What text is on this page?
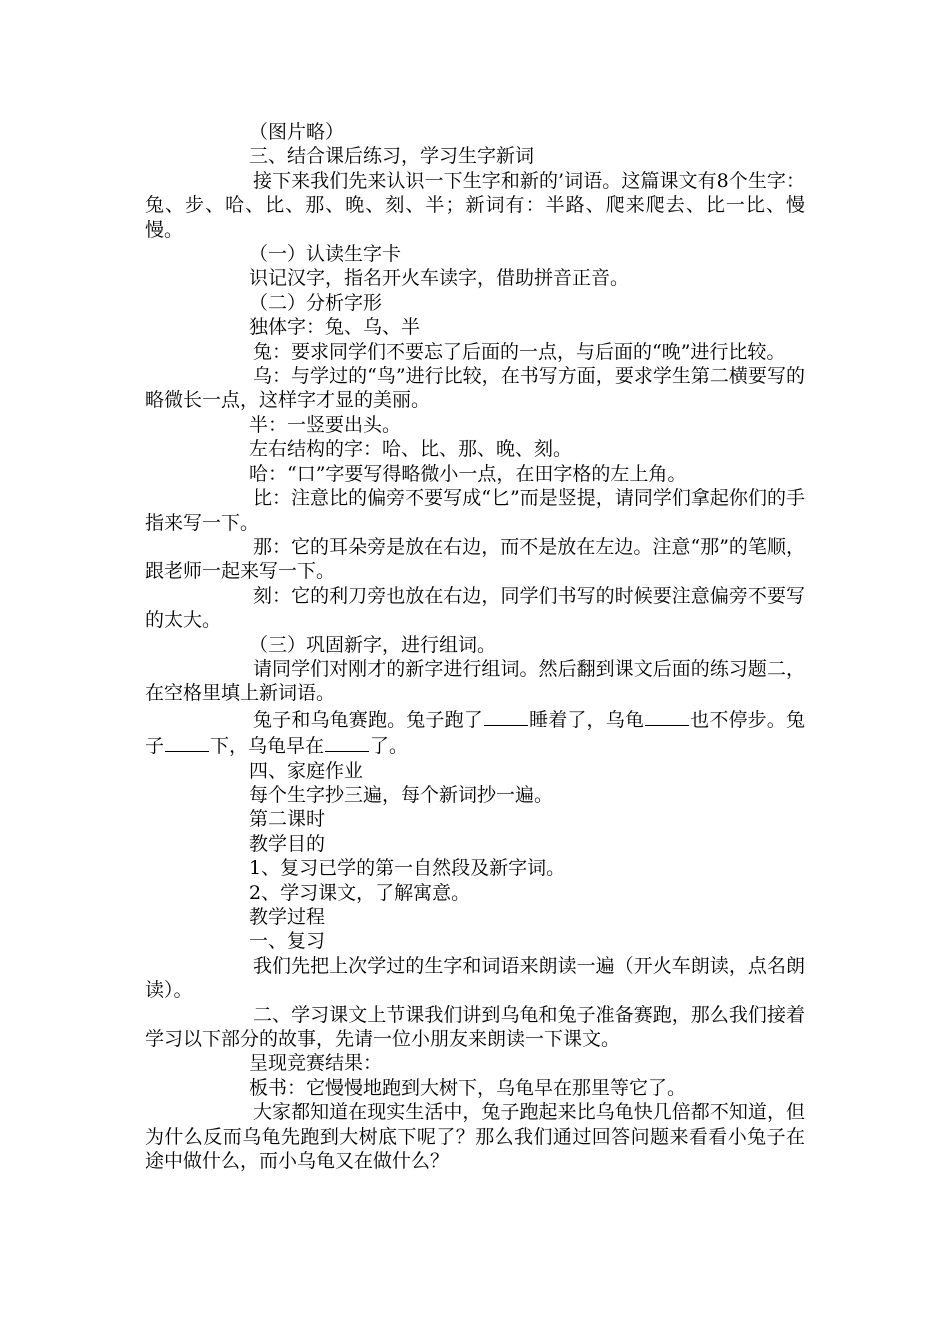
（图片略）

三、结合课后练习，学习生字新词

接下来我们先来认识一下生字和新的’词语。这篇课文有8个生字：兔、步、哈、比、那、晚、刻、半；新词有：半路、爬来爬去、比一比、慢慢。

（一）认读生字卡

识记汉字，指名开火车读字，借助拼音正音。

（二）分析字形

独体字：兔、乌、半

兔：要求同学们不要忘了后面的一点，与后面的“晚”进行比较。

乌：与学过的“鸟”进行比较，在书写方面，要求学生第二横要写的略微长一点，这样字才显的美丽。

半：一竖要出头。

左右结构的字：哈、比、那、晚、刻。

哈：“口”字要写得略微小一点，在田字格的左上角。

比：注意比的偏旁不要写成“匕”而是竖提，请同学们拿起你们的手指来写一下。

那：它的耳朵旁是放在右边，而不是放在左边。注意“那”的笔顺，跟老师一起来写一下。

刻：它的利刀旁也放在右边，同学们书写的时候要注意偏旁不要写的太大。

（三）巩固新字，进行组词。

请同学们对刚才的新字进行组词。然后翻到课文后面的练习题二，在空格里填上新词语。

兔子和乌龟赛跑。兔子跑了 睡着了，乌龟 也不停步。兔子 下，乌龟早在 了。

四、家庭作业

每个生字抄三遍，每个新词抄一遍。

第二课时

教学目的

1、复习已学的第一自然段及新字词。

2、学习课文，了解寓意。

教学过程

一、复习

我们先把上次学过的生字和词语来朗读一遍（开火车朗读，点名朗读）。

二、学习课文上节课我们讲到乌龟和兔子准备赛跑，那么我们接着学习以下部分的故事，先请一位小朋友来朗读一下课文。

呈现竞赛结果：

板书：它慢慢地跑到大树下，乌龟早在那里等它了。

大家都知道在现实生活中，兔子跑起来比乌龟快几倍都不知道，但为什么反而乌龟先跑到大树底下呢了？那么我们通过回答问题来看看小兔子在途中做什么，而小乌龟又在做什么？
